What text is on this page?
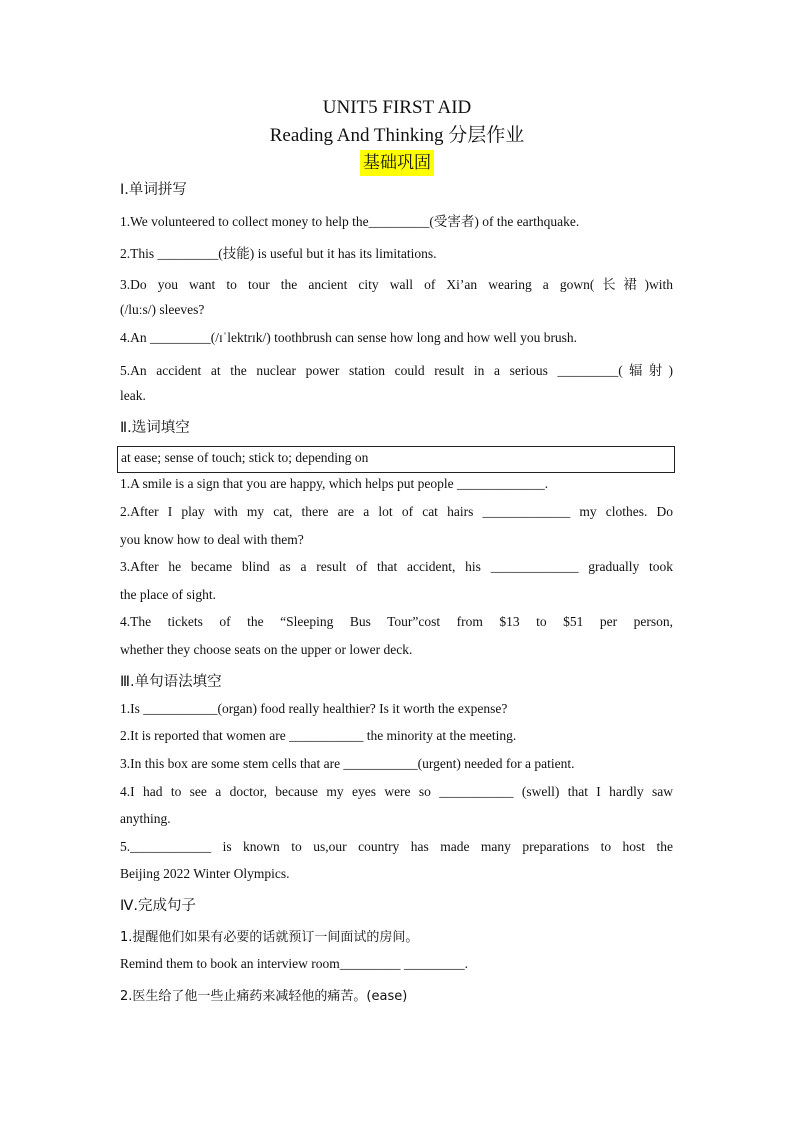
UNIT5 FIRST AID
Reading And Thinking 分层作业
基础巩固
Ⅰ.单词拼写
1.We volunteered to collect money to help the_________(受害者) of the earthquake.
2.This _________(技能) is useful but it has its limitations.
3.Do you want to tour the ancient city wall of Xi’an wearing a gown(长裙)with
(/luːs/) sleeves?
4.An _________(/ɪˈlektrɪk/) toothbrush can sense how long and how well you brush.
5.An accident at the nuclear power station could result in a serious _________(辐射)
leak.
Ⅱ.选词填空
at ease; sense of touch; stick to; depending on
1.A smile is a sign that you are happy, which helps put people _____________.
2.After I play with my cat, there are a lot of cat hairs _____________ my clothes. Do
you know how to deal with them?
3.After he became blind as a result of that accident, his _____________ gradually took
the place of sight.
4.The tickets of the “Sleeping Bus Tour”cost from $13 to $51 per person,
whether they choose seats on the upper or lower deck.
Ⅲ.单句语法填空
1.Is ___________(organ) food really healthier? Is it worth the expense?
2.It is reported that women are ___________ the minority at the meeting.
3.In this box are some stem cells that are ___________(urgent) needed for a patient.
4.I had to see a doctor, because my eyes were so ___________ (swell) that I hardly saw
anything.
5.____________ is known to us,our country has made many preparations to host the
Beijing 2022 Winter Olympics.
Ⅳ.完成句子
1.提醒他们如果有必要的话就预订一间面试的房间。
Remind them to book an interview room_________ _________.
2.医生给了他一些止痛药来减轻他的痛苦。(ease)
